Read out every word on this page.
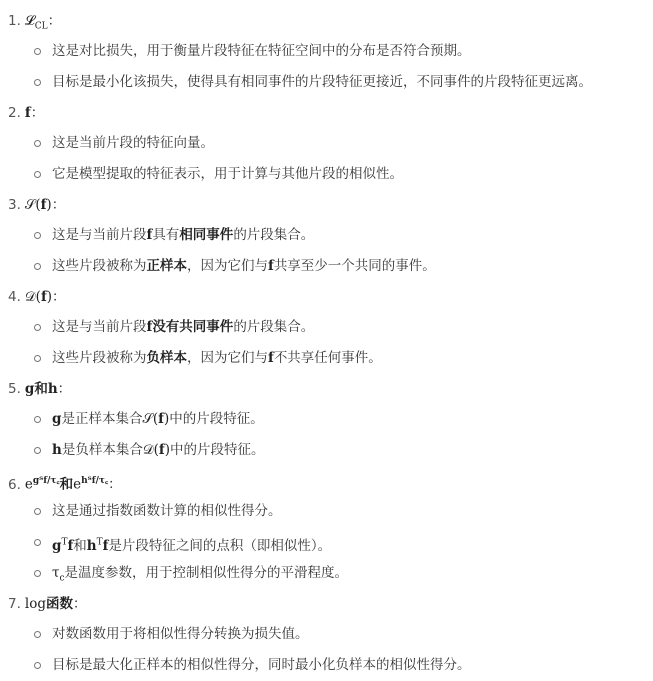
1. 𝓛$_{CL}$：
这是对比损失，用于衡量片段特征在特征空间中的分布是否符合预期。
目标是最小化该损失，使得具有相同事件的片段特征更接近，不同事件的片段特征更远离。
2. f：
这是当前片段的特征向量。
它是模型提取的特征表示，用于计算与其他片段的相似性。
3. 𝒮(f)：
这是与当前片段f具有相同事件的片段集合。
这些片段被称为正样本，因为它们与f共享至少一个共同的事件。
4. 𝒟(f)：
这是与当前片段f没有共同事件的片段集合。
这些片段被称为负样本，因为它们与f不共享任何事件。
5. g和h：
g是正样本集合𝒮(f)中的片段特征。
h是负样本集合𝒟(f)中的片段特征。
6. $e^{gᵀf/\tau꜀}$和$e^{hᵀf/\tau꜀}$：
这是通过指数函数计算的相似性得分。
$g^Tf$和$h^Tf$是片段特征之间的点积（即相似性）。
$\tau_c$是温度参数，用于控制相似性得分的平滑程度。
7. log函数：
对数函数用于将相似性得分转换为损失值。
目标是最大化正样本的相似性得分，同时最小化负样本的相似性得分。
